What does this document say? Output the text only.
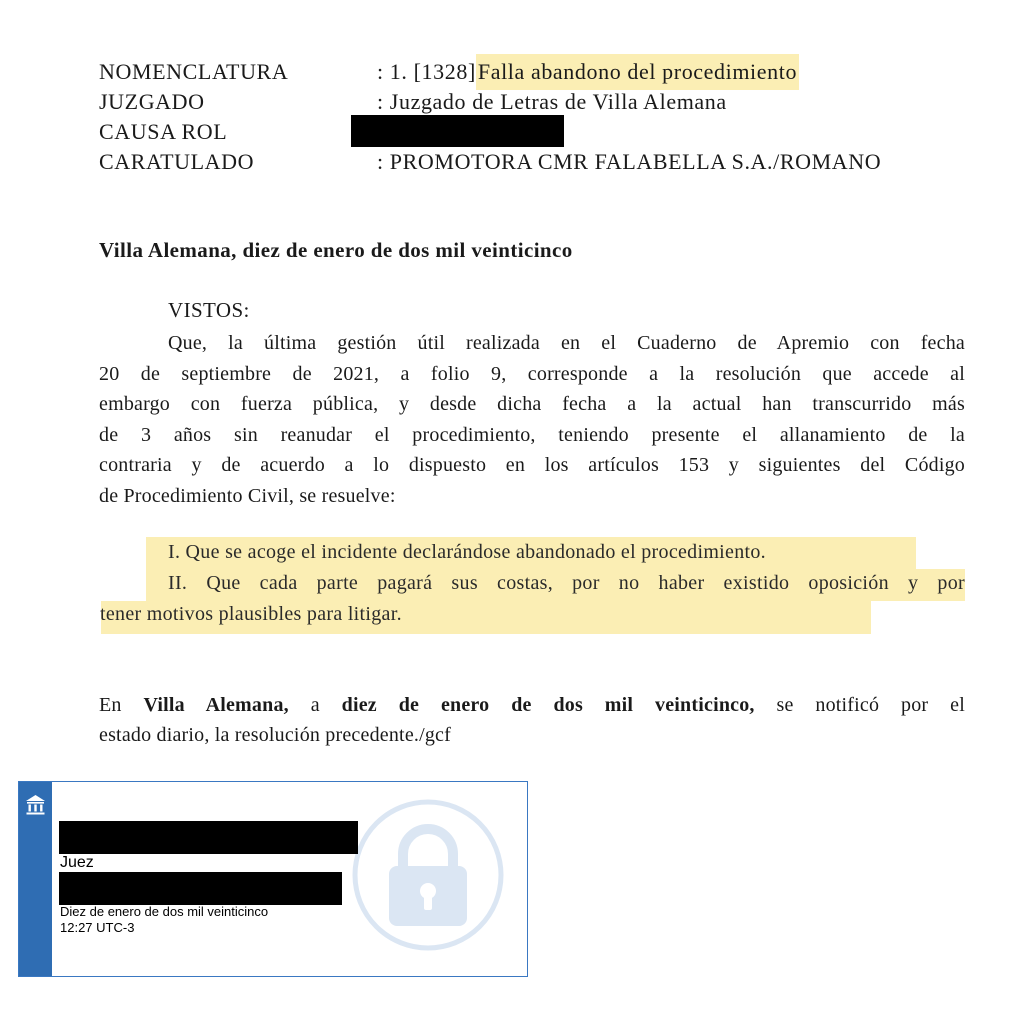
NOMENCLATURA	: 1. [1328]Falla abandono del procedimiento
JUZGADO	: Juzgado de Letras de Villa Alemana
CAUSA ROL
CARATULADO	: PROMOTORA CMR FALABELLA S.A./ROMANO
Villa Alemana, diez de enero de dos mil veinticinco
VISTOS:
Que, la última gestión útil realizada en el Cuaderno de Apremio con fecha
20 de septiembre de 2021, a folio 9, corresponde a la resolución que accede al
embargo con fuerza pública, y desde dicha fecha a la actual han transcurrido más
de 3 años sin reanudar el procedimiento, teniendo presente el allanamiento de la
contraria y de acuerdo a lo dispuesto en los artículos 153 y siguientes del Código
de Procedimiento Civil, se resuelve:
I. Que se acoge el incidente declarándose abandonado el procedimiento.
II. Que cada parte pagará sus costas, por no haber existido oposición y por
tener motivos plausibles para litigar.
En Villa Alemana, a diez de enero de dos mil veinticinco, se notificó por el
estado diario, la resolución precedente./gcf
Juez
Diez de enero de dos mil veinticinco
12:27 UTC-3
